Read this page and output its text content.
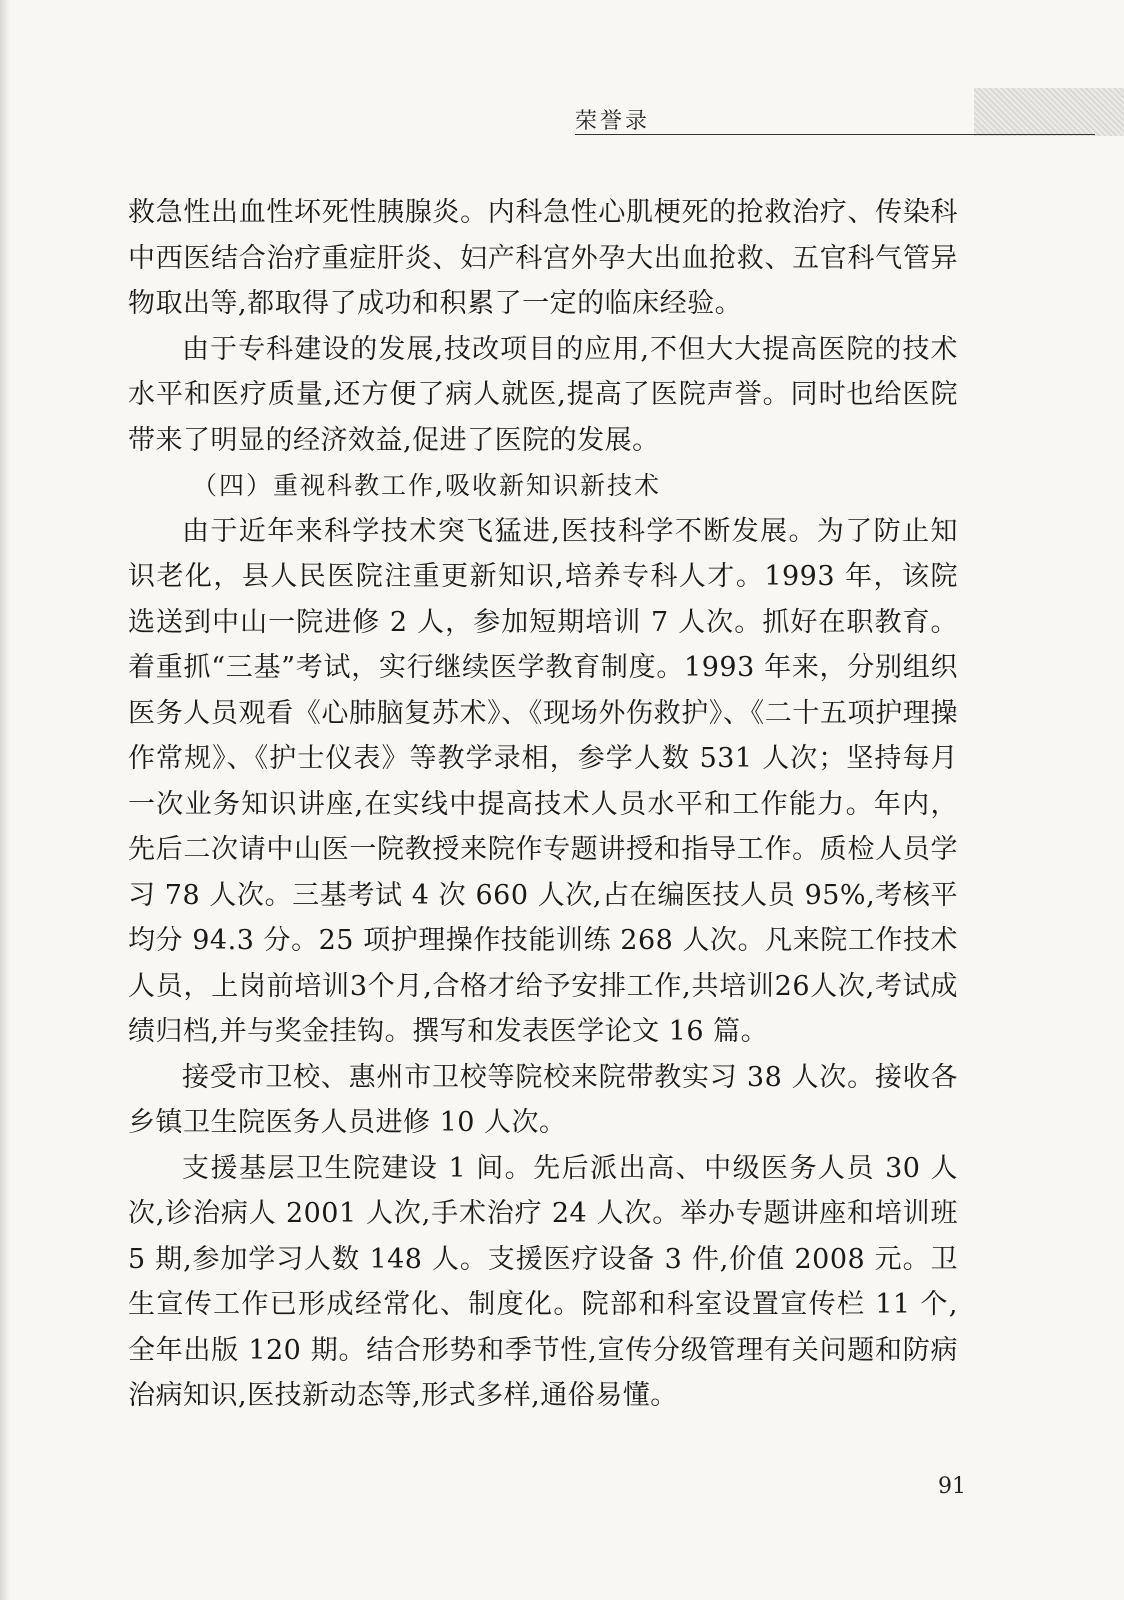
荣誉录

救急性出血性坏死性胰腺炎。内科急性心肌梗死的抢救治疗、传染科中西医结合治疗重症肝炎、妇产科宫外孕大出血抢救、五官科气管异物取出等,都取得了成功和积累了一定的临床经验。

由于专科建设的发展,技改项目的应用,不但大大提高医院的技术水平和医疗质量,还方便了病人就医,提高了医院声誉。同时也给医院带来了明显的经济效益,促进了医院的发展。

（四）重视科教工作,吸收新知识新技术

由于近年来科学技术突飞猛进,医技科学不断发展。为了防止知识老化，县人民医院注重更新知识,培养专科人才。1993 年，该院选送到中山一院进修 2 人，参加短期培训 7 人次。抓好在职教育。着重抓“三基”考试，实行继续医学教育制度。1993 年来，分别组织医务人员观看《心肺脑复苏术》、《现场外伤救护》、《二十五项护理操作常规》、《护士仪表》等教学录相，参学人数 531 人次；坚持每月一次业务知识讲座,在实线中提高技术人员水平和工作能力。年内，先后二次请中山医一院教授来院作专题讲授和指导工作。质检人员学 习 78 人次。三基考试 4 次 660 人次,占在编医技人员 95%,考核平均分 94.3 分。25 项护理操作技能训练 268 人次。凡来院工作技术人员，上岗前培训3个月,合格才给予安排工作,共培训26人次,考试成绩归档,并与奖金挂钩。撰写和发表医学论文 16 篇。

接受市卫校、惠州市卫校等院校来院带教实习 38 人次。接收各乡镇卫生院医务人员进修 10 人次。

支援基层卫生院建设 1 间。先后派出高、中级医务人员 30 人次,诊治病人 2001 人次,手术治疗 24 人次。举办专题讲座和培训班 5 期,参加学习人数 148 人。支援医疗设备 3 件,价值 2008 元。卫生宣传工作已形成经常化、制度化。院部和科室设置宣传栏 11 个,全年出版 120 期。结合形势和季节性,宣传分级管理有关问题和防病治病知识,医技新动态等,形式多样,通俗易懂。

91
